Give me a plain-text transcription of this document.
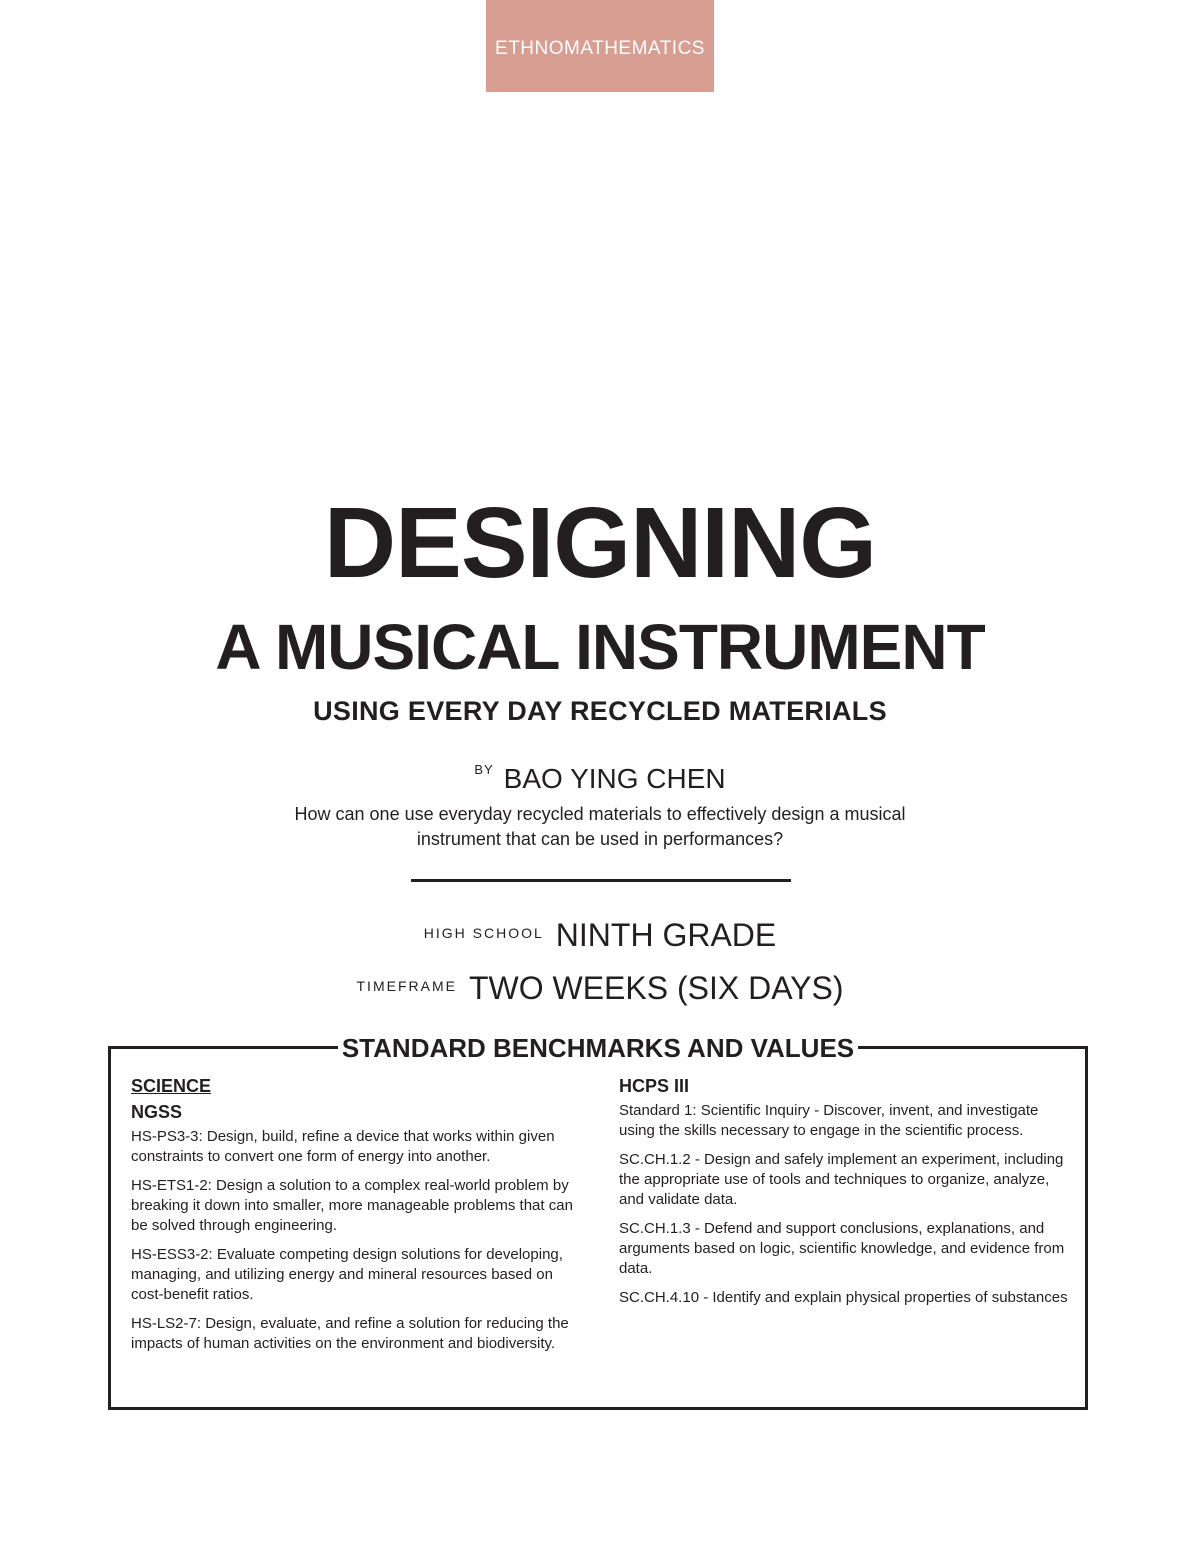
ETHNOMATHEMATICS
DESIGNING
A MUSICAL INSTRUMENT
USING EVERY DAY RECYCLED MATERIALS
$^{BY}$ BAO YING CHEN
How can one use everyday recycled materials to effectively design a musical
instrument that can be used in performances?
HIGH SCHOOL NINTH GRADE
TIMEFRAME TWO WEEKS (SIX DAYS)
STANDARD BENCHMARKS AND VALUES
SCIENCE
NGSS

HS-PS3-3: Design, build, refine a device that works within given constraints to convert one form of energy into another.

HS-ETS1-2: Design a solution to a complex real-world problem by breaking it down into smaller, more manageable problems that can be solved through engineering.

HS-ESS3-2: Evaluate competing design solutions for developing, managing, and utilizing energy and mineral resources based on cost-benefit ratios.

HS-LS2-7: Design, evaluate, and refine a solution for reducing the impacts of human activities on the environment and biodiversity.

HCPS III

Standard 1: Scientific Inquiry - Discover, invent, and investigate using the skills necessary to engage in the scientific process.

SC.CH.1.2 - Design and safely implement an experiment, including the appropriate use of tools and techniques to organize, analyze, and validate data.

SC.CH.1.3 - Defend and support conclusions, explanations, and arguments based on logic, scientific knowledge, and evidence from data.

SC.CH.4.10 - Identify and explain physical properties of substances
